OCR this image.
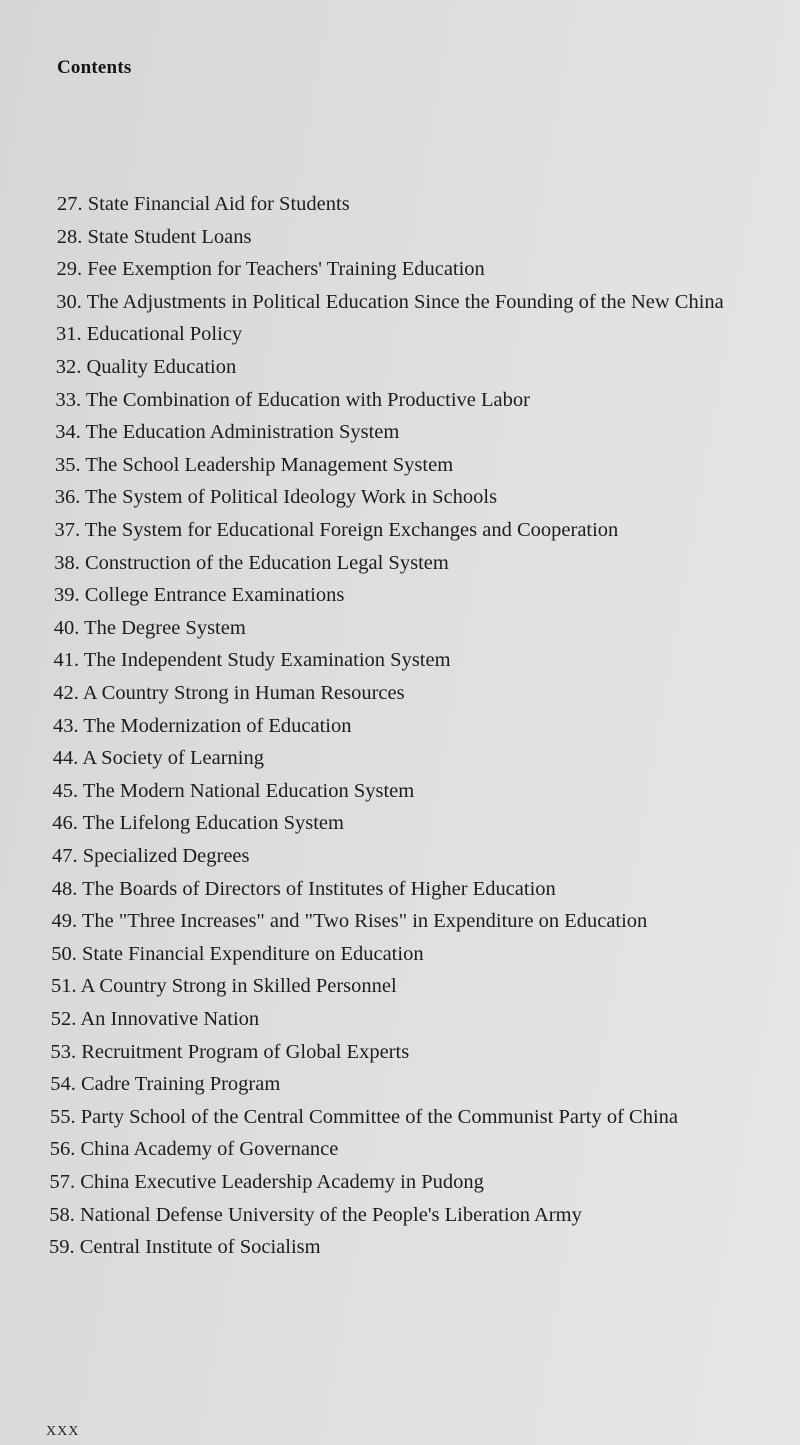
Contents
27. State Financial Aid for Students
28. State Student Loans
29. Fee Exemption for Teachers' Training Education
30. The Adjustments in Political Education Since the Founding of the New China
31. Educational Policy
32. Quality Education
33. The Combination of Education with Productive Labor
34. The Education Administration System
35. The School Leadership Management System
36. The System of Political Ideology Work in Schools
37. The System for Educational Foreign Exchanges and Cooperation
38. Construction of the Education Legal System
39. College Entrance Examinations
40. The Degree System
41. The Independent Study Examination System
42. A Country Strong in Human Resources
43. The Modernization of Education
44. A Society of Learning
45. The Modern National Education System
46. The Lifelong Education System
47. Specialized Degrees
48. The Boards of Directors of Institutes of Higher Education
49. The "Three Increases" and "Two Rises" in Expenditure on Education
50. State Financial Expenditure on Education
51. A Country Strong in Skilled Personnel
52. An Innovative Nation
53. Recruitment Program of Global Experts
54. Cadre Training Program
55. Party School of the Central Committee of the Communist Party of China
56. China Academy of Governance
57. China Executive Leadership Academy in Pudong
58. National Defense University of the People's Liberation Army
59. Central Institute of Socialism
XXX
